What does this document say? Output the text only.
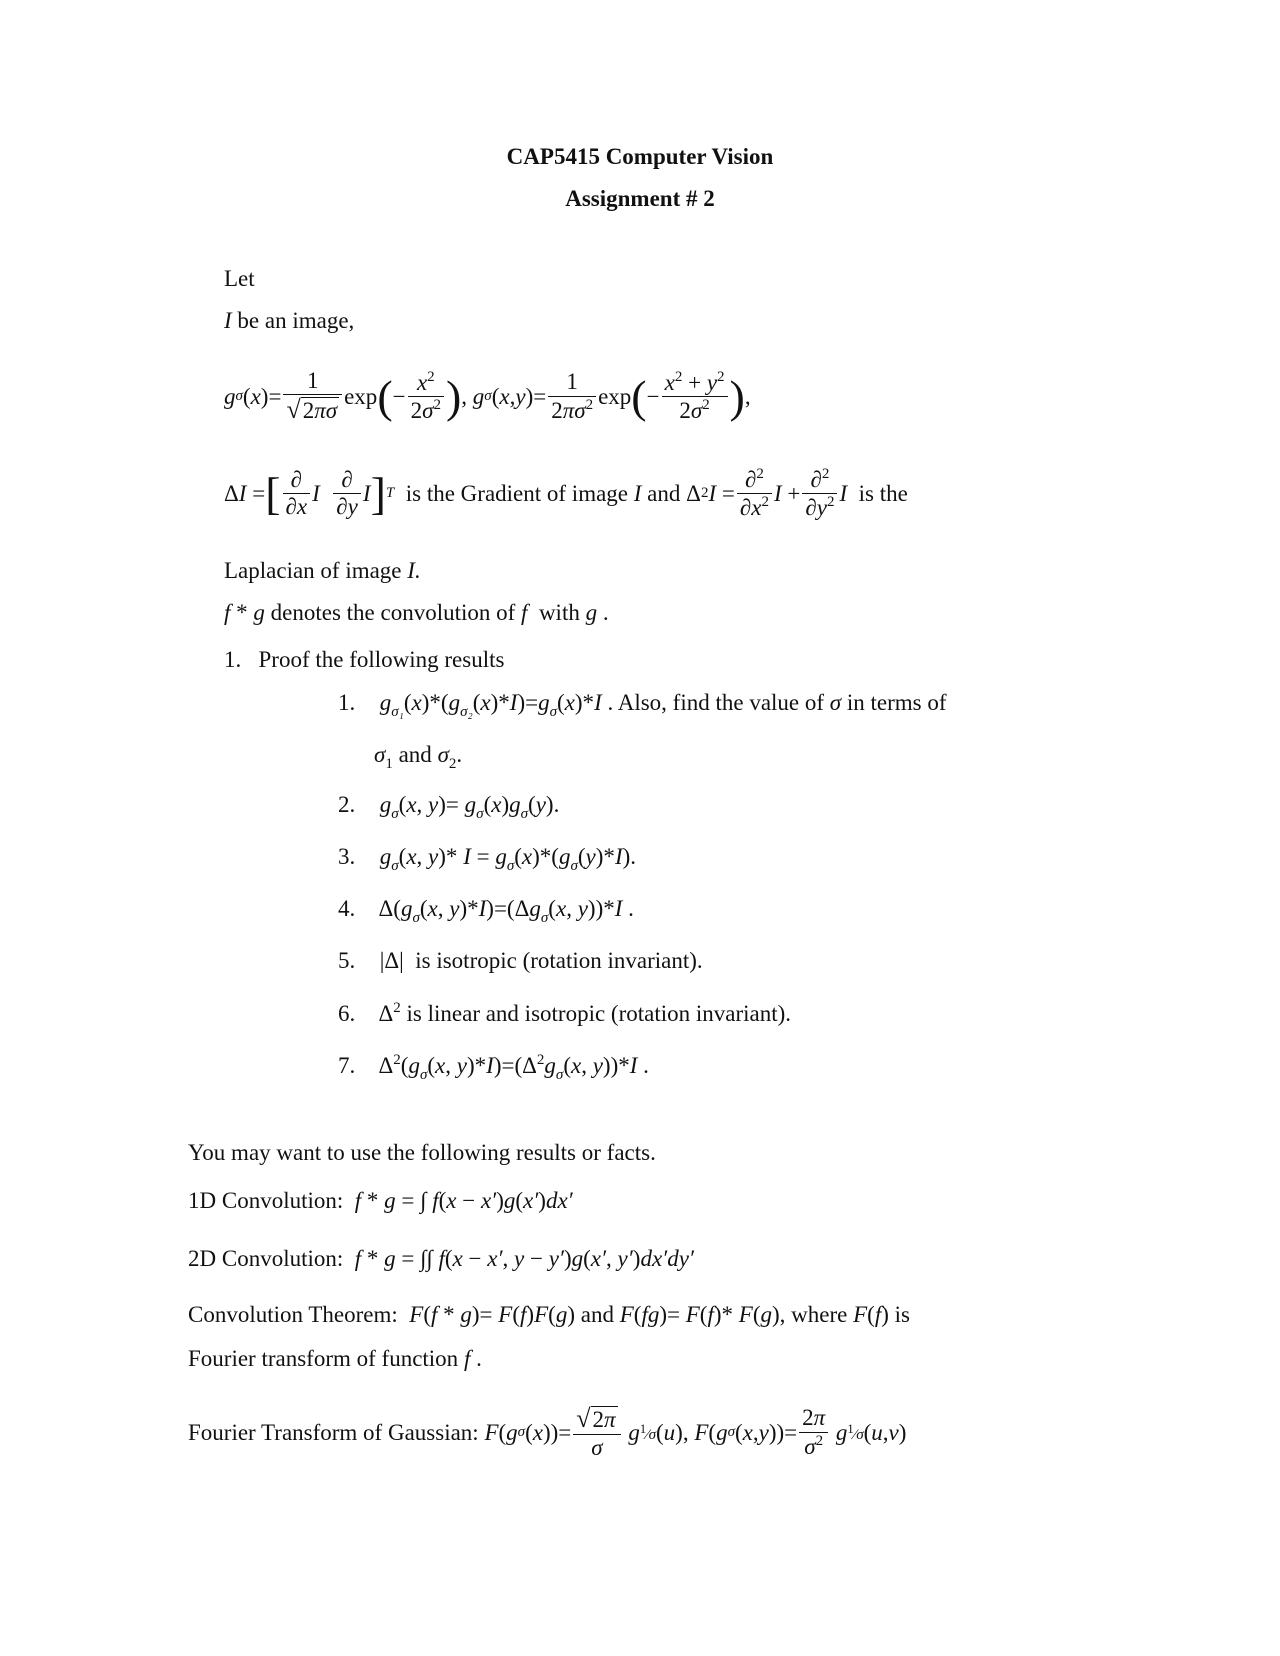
CAP5415 Computer Vision
Assignment # 2
Let
I be an image,
g σ ( x )= $\frac{1}{√2\pi\sigma}$ exp ( − $\frac{x^2}{2\sigma^2}$ ) , g σ ( x , y )= $\frac{1}{2\pi\sigma^2}$ exp ( − $\frac{x^2 + y^2}{2\sigma^2}$ ) ,
Δ I = [ $\frac{\partial}{\partial x}$ I
$\frac{\partial}{\partial y}$ I ] T
is the Gradient of image
I
and Δ 2 $I = \frac{\partial^2}{\partial x^2}$ $I + \frac{\partial^2}{\partial y^2}$ I
is the
Laplacian of image I.
f * g denotes the convolution of f with g .
1. Proof the following results
1. $g_{\sigma_1}(x)*(g_{\sigma_2}(x)*I)=g_\sigma(x)*I$ . Also, find the value of σ in terms of
$\sigma_1$ and $\sigma_2$.
2. $g_\sigma(x$, $y)= g_\sigma(x)g_\sigma(y)$.
3. $g_\sigma(x$, y)* $I = g_\sigma(x)*(g_\sigma(y)*I)$.
4. $\Delta(g_\sigma(x$, $y)*I)=(\Delta g_\sigma(x$, y))*I .
5. |Δ|  is isotropic (rotation invariant).
6. $\Delta^2$ is linear and isotropic (rotation invariant).
7. $\Delta^2(g_\sigma(x$, $y)*I)=(\Delta^2g_\sigma(x$, y))*I .
You may want to use the following results or facts.
1D Convolution: f * g = ∫ f(x − x′)g(x′)dx′
2D Convolution: f * g = ∫∫ f(x − x′, y − y′)g(x′, y′)dx′dy′
Convolution Theorem: F(f * g)= F(f)F(g) and F(fg)= F(f)* F(g), where F(f) is
Fourier transform of function f .
Fourier Transform of Gaussian:
F ( g σ ( x ))= $\frac{√2\pi}{\sigma}$
g $^1$⁄σ ( u ), F ( g σ ( x , y ))= $\frac{2\pi}{\sigma^2}$
g $^1$⁄σ ( u , v )
